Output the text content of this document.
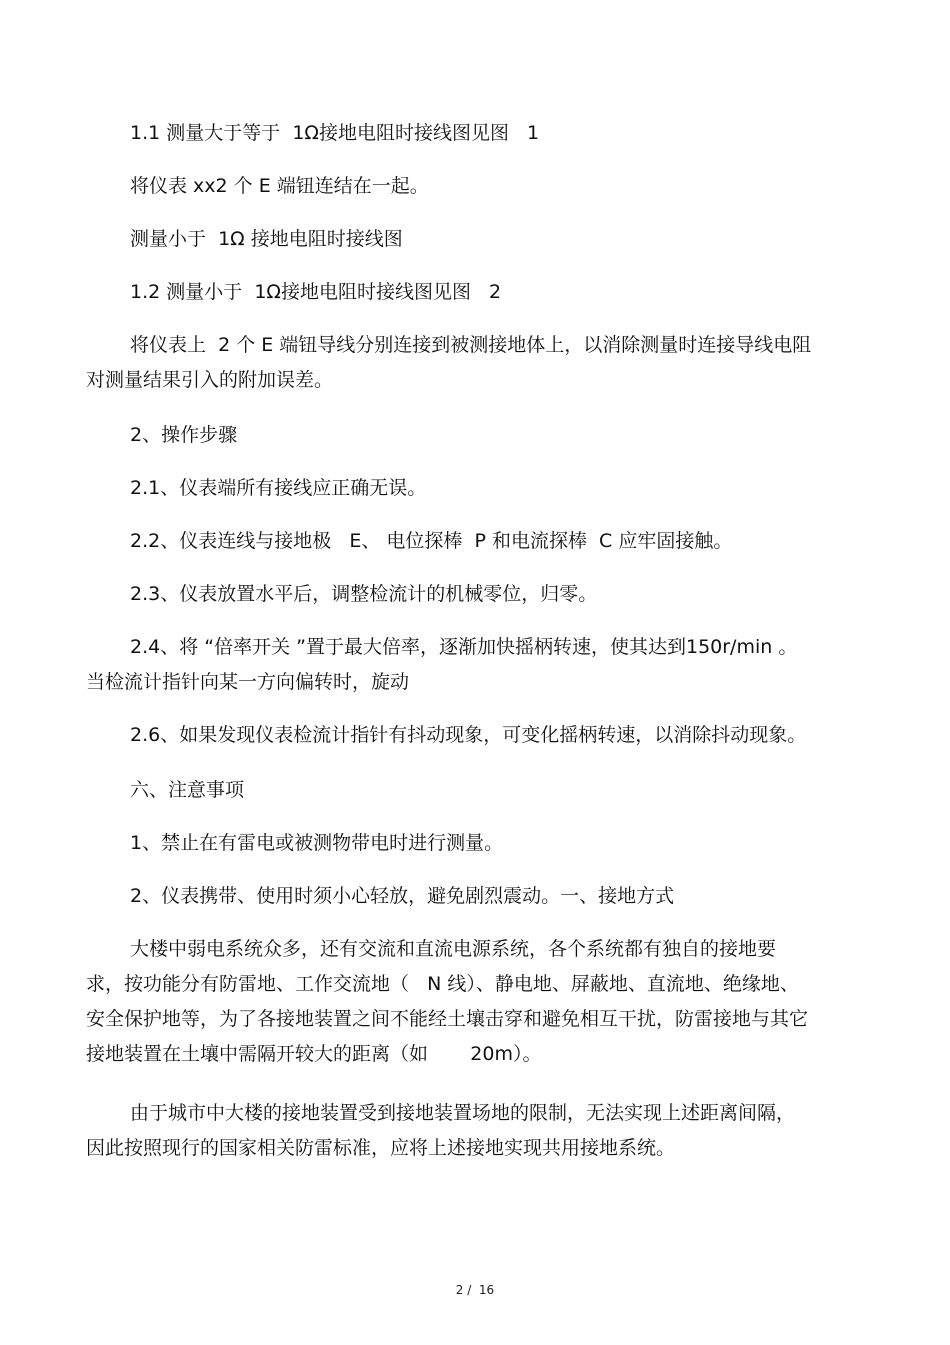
1.1 测量大于等于  1Ω接地电阻时接线图见图   1

将仪表 xx2 个 E 端钮连结在一起。

测量小于  1Ω 接地电阻时接线图

1.2 测量小于  1Ω接地电阻时接线图见图   2

将仪表上  2 个 E 端钮导线分别连接到被测接地体上，以消除测量时连接导线电阻对测量结果引入的附加误差。

2、操作步骤

2.1、仪表端所有接线应正确无误。

2.2、仪表连线与接地极   E、 电位探棒  P 和电流探棒  C 应牢固接触。

2.3、仪表放置水平后，调整检流计的机械零位，归零。

2.4、将 “倍率开关 ”置于最大倍率，逐渐加快摇柄转速，使其达到150r/min 。当检流计指针向某一方向偏转时，旋动

2.6、如果发现仪表检流计指针有抖动现象，可变化摇柄转速，以消除抖动现象。

六、注意事项

1、禁止在有雷电或被测物带电时进行测量。

2、仪表携带、使用时须小心轻放，避免剧烈震动。一、接地方式

大楼中弱电系统众多，还有交流和直流电源系统，各个系统都有独自的接地要求，按功能分有防雷地、工作交流地（   N 线）、静电地、屏蔽地、直流地、绝缘地、安全保护地等，为了各接地装置之间不能经土壤击穿和避免相互干扰，防雷接地与其它接地装置在土壤中需隔开较大的距离（如       20m）。

由于城市中大楼的接地装置受到接地装置场地的限制，无法实现上述距离间隔，因此按照现行的国家相关防雷标准，应将上述接地实现共用接地系统。

2 /  16
